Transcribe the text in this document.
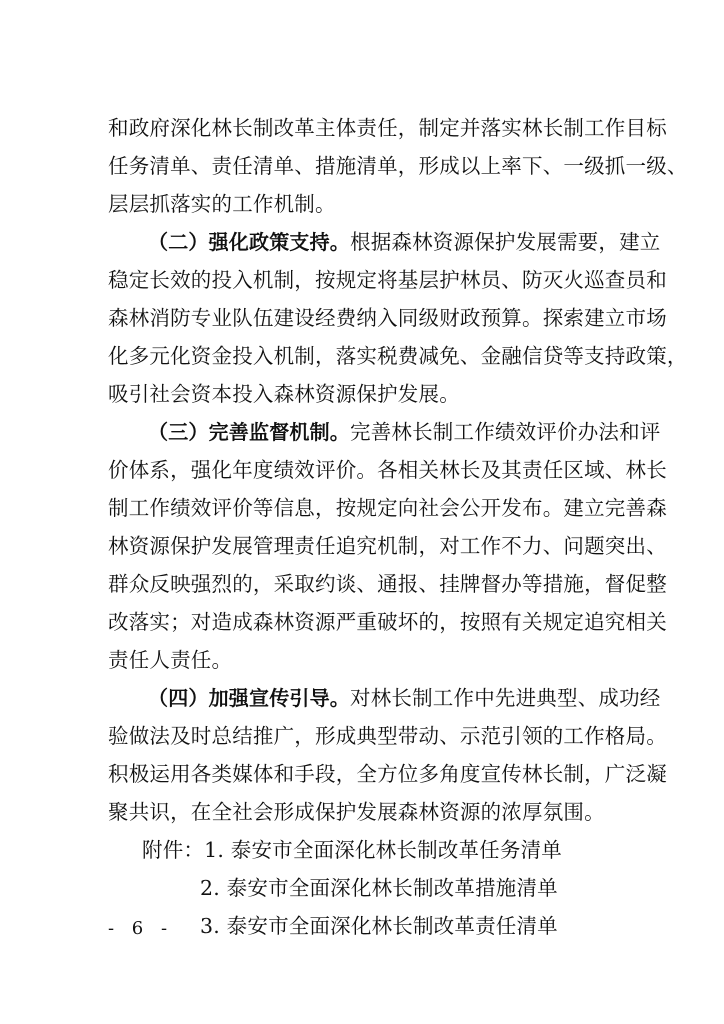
和政府深化林长制改革主体责任，制定并落实林长制工作目标
任务清单、责任清单、措施清单，形成以上率下、一级抓一级、
层层抓落实的工作机制。
（二）强化政策支持。根据森林资源保护发展需要，建立
稳定长效的投入机制，按规定将基层护林员、防灭火巡查员和
森林消防专业队伍建设经费纳入同级财政预算。探索建立市场
化多元化资金投入机制，落实税费减免、金融信贷等支持政策，
吸引社会资本投入森林资源保护发展。
（三）完善监督机制。完善林长制工作绩效评价办法和评
价体系，强化年度绩效评价。各相关林长及其责任区域、林长
制工作绩效评价等信息，按规定向社会公开发布。建立完善森
林资源保护发展管理责任追究机制，对工作不力、问题突出、
群众反映强烈的，采取约谈、通报、挂牌督办等措施，督促整
改落实；对造成森林资源严重破坏的，按照有关规定追究相关
责任人责任。
（四）加强宣传引导。对林长制工作中先进典型、成功经
验做法及时总结推广，形成典型带动、示范引领的工作格局。
积极运用各类媒体和手段，全方位多角度宣传林长制，广泛凝
聚共识，在全社会形成保护发展森林资源的浓厚氛围。
附件：1. 泰安市全面深化林长制改革任务清单
2. 泰安市全面深化林长制改革措施清单
3. 泰安市全面深化林长制改革责任清单
- 6 -
